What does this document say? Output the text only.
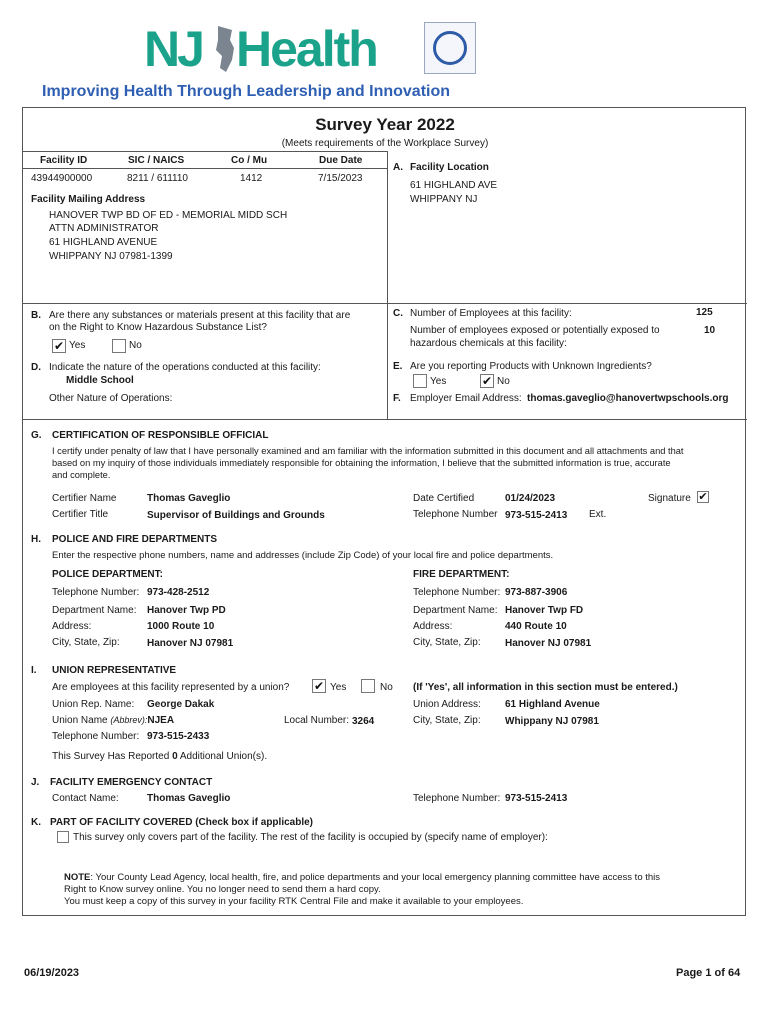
NJ Health
Improving Health Through Leadership and Innovation
Survey Year 2022
(Meets requirements of the Workplace Survey)
Facility ID	SIC / NAICS	Co / Mu	Due Date
43944900000	8211 / 611110	1412	7/15/2023
Facility Mailing Address
HANOVER TWP BD OF ED - MEMORIAL MIDD SCH
ATTN ADMINISTRATOR
61 HIGHLAND AVENUE
WHIPPANY NJ 07981-1399
A. Facility Location
61 HIGHLAND AVE
WHIPPANY NJ
B. Are there any substances or materials present at this facility that are
on the Right to Know Hazardous Substance List?
✔ Yes	No
C. Number of Employees at this facility:	125
Number of employees exposed or potentially exposed to
hazardous chemicals at this facility:
10
D. Indicate the nature of the operations conducted at this facility:
Middle School
Other Nature of Operations:
E. Are you reporting Products with Unknown Ingredients?
Yes	✔ No
F. Employer Email Address: thomas.gaveglio@hanovertwpschools.org
G. CERTIFICATION OF RESPONSIBLE OFFICIAL
I certify under penalty of law that I have personally examined and am familiar with the information submitted in this document and all attachments and that
based on my inquiry of those individuals immediately responsible for obtaining the information, I believe that the submitted information is true, accurate
and complete.
Certifier Name	Thomas Gaveglio
Certifier Title	Supervisor of Buildings and Grounds
Date Certified	01/24/2023
Telephone Number 973-515-2413 Ext.
Signature ✔
H. POLICE AND FIRE DEPARTMENTS
Enter the respective phone numbers, name and addresses (include Zip Code) of your local fire and police departments.
POLICE DEPARTMENT:
Telephone Number: 973-428-2512
Department Name: Hanover Twp PD
Address:	1000 Route 10
City, State, Zip:	Hanover NJ 07981
FIRE DEPARTMENT:
Telephone Number: 973-887-3906
Department Name: Hanover Twp FD
Address:	440 Route 10
City, State, Zip: Hanover NJ 07981
I. UNION REPRESENTATIVE
Are employees at this facility represented by a union? ✔ Yes	No (If 'Yes', all information in this section must be entered.)
Union Rep. Name: George Dakak
Union Name (Abbrev):NJEA	Local Number: 3264
Telephone Number: 973-515-2433
Union Address: 61 Highland Avenue
City, State, Zip: Whippany NJ 07981
This Survey Has Reported 0 Additional Union(s).
J. FACILITY EMERGENCY CONTACT
Contact Name:	Thomas Gaveglio	Telephone Number: 973-515-2413
K. PART OF FACILITY COVERED (Check box if applicable)
This survey only covers part of the facility. The rest of the facility is occupied by (specify name of employer):
NOTE: Your County Lead Agency, local health, fire, and police departments and your local emergency planning committee have access to this
Right to Know survey online. You no longer need to send them a hard copy.
You must keep a copy of this survey in your facility RTK Central File and make it available to your employees.
06/19/2023	Page 1 of 64
